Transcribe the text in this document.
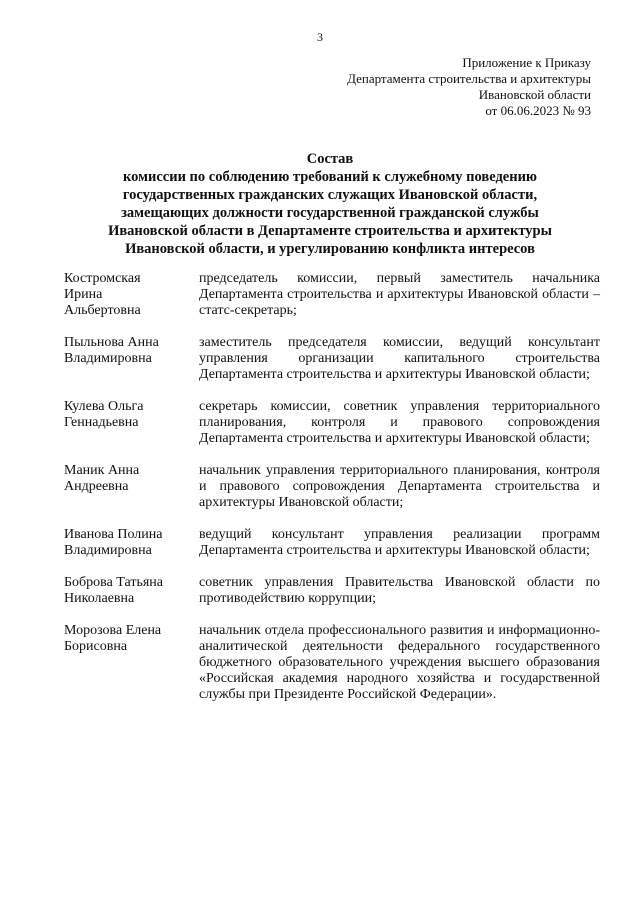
3
Приложение к Приказу
Департамента строительства и архитектуры
Ивановской области
от 06.06.2023 № 93
Состав
комиссии по соблюдению требований к служебному поведению
государственных гражданских служащих Ивановской области,
замещающих должности государственной гражданской службы
Ивановской области в Департаменте строительства и архитектуры
Ивановской области, и урегулированию конфликта интересов
Костромская
Ирина
Альбертовна
председатель комиссии, первый заместитель начальника Департамента строительства и архитектуры Ивановской области – статс-секретарь;
Пыльнова Анна
Владимировна
заместитель председателя комиссии, ведущий консультант управления организации капитального строительства Департамента строительства и архитектуры Ивановской области;
Кулева Ольга
Геннадьевна
секретарь комиссии, советник управления территориального планирования, контроля и правового сопровождения Департамента строительства и архитектуры Ивановской области;
Маник Анна
Андреевна
начальник управления территориального планирования, контроля и правового сопровождения Департамента строительства и архитектуры Ивановской области;
Иванова Полина
Владимировна
ведущий консультант управления реализации программ Департамента строительства и архитектуры Ивановской области;
Боброва Татьяна
Николаевна
советник управления Правительства Ивановской области по противодействию коррупции;
Морозова Елена
Борисовна
начальник отдела профессионального развития и информационно-аналитической деятельности федерального государственного бюджетного образовательного учреждения высшего образования «Российская академия народного хозяйства и государственной службы при Президенте Российской Федерации».
